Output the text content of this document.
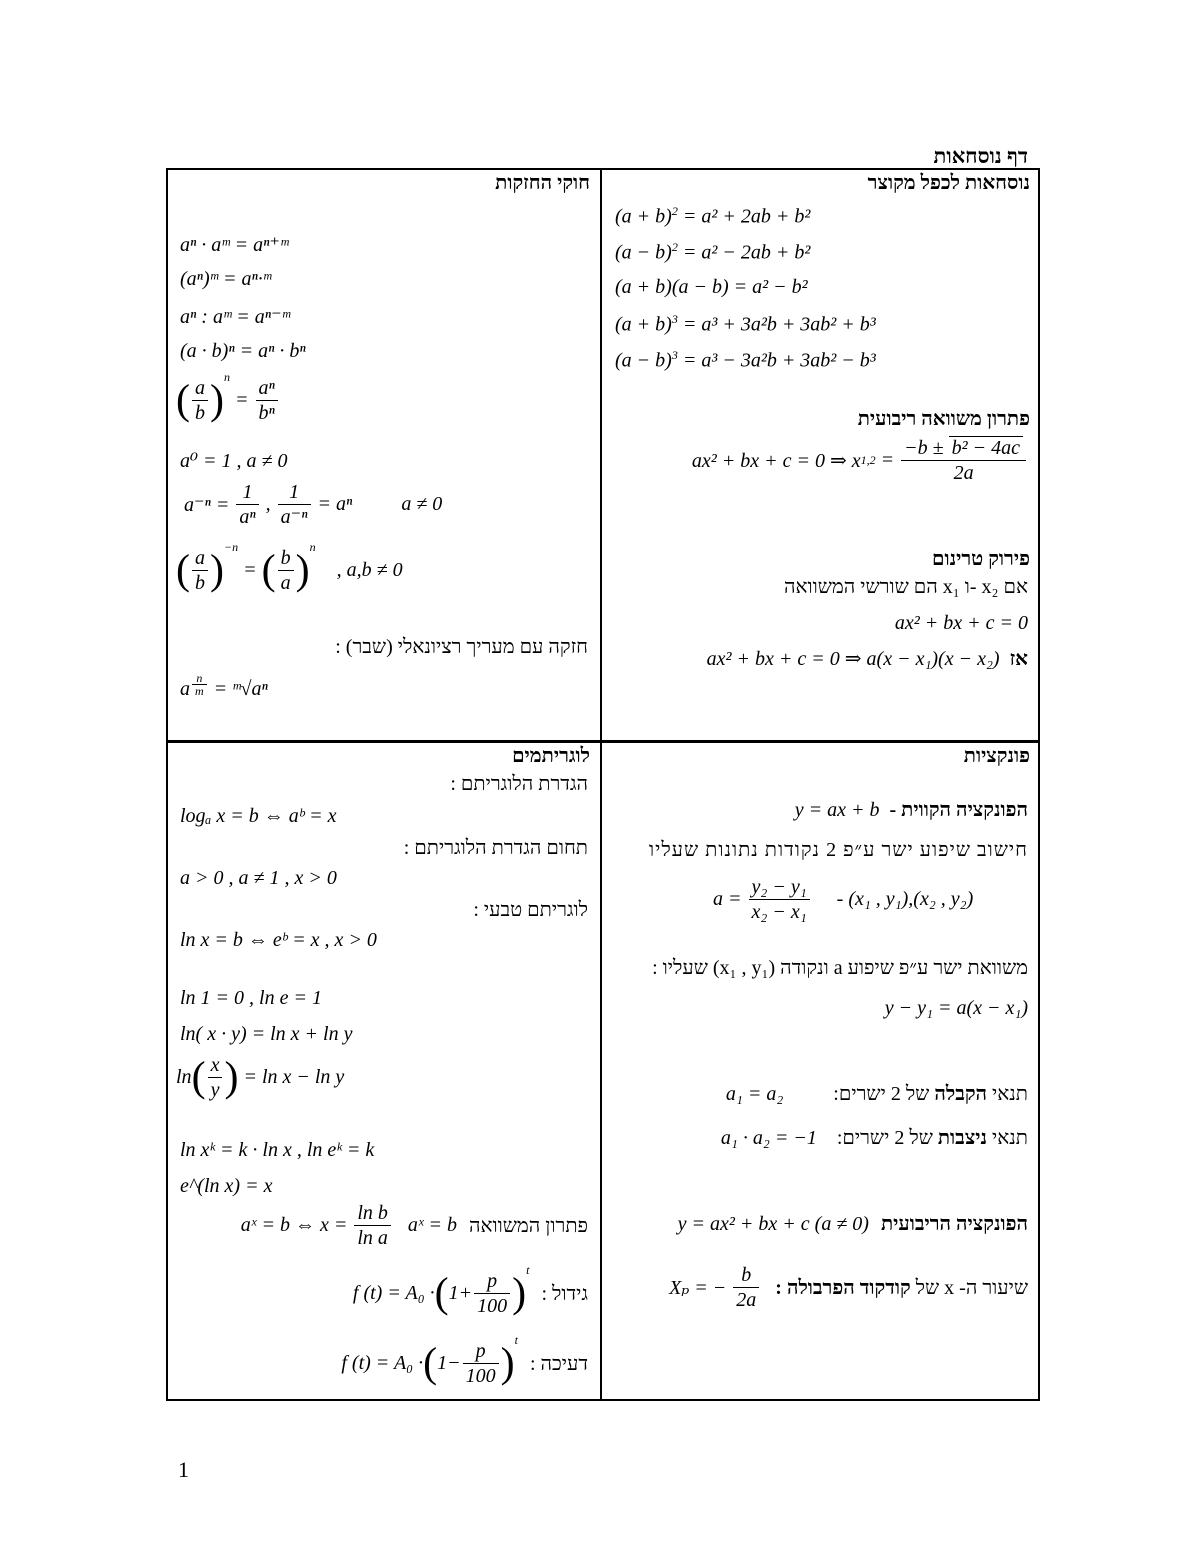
דף נוסחאות
נוסחאות לכפל מקוצר
$(a + b)^2 = a^2 + 2ab + b^2$
$(a - b)^2 = a^2 - 2ab + b^2$
(a + b)(a − b) = a² − b²
$(a + b)^3 = a^3 + 3a^2b + 3ab^2 + b^3$
$(a - b)^3 = a^3 - 3a^2b + 3ab^2 - b^3$
פתרון משוואה ריבועית
ax² + bx + c = 0 ⇒ $x1,2 = \frac{\text{−b ± b² − 4ac}}{2a}$
פירוק טרינום
אם x₂ -ו x₁ הם שורשי המשוואה
ax² + bx + c = 0
אז ax² + bx + c = 0 ⇒ a(x − x₁)(x − x₂)
חוקי החזקות
aⁿ · aᵐ = aⁿ⁺ᵐ
(aⁿ)ᵐ = aⁿ·ᵐ
aⁿ : aᵐ = aⁿ⁻ᵐ
(a · b)ⁿ = aⁿ · bⁿ
( $\frac{a}{b} )^n = \frac{\text{aⁿ}}{\text{bⁿ}}$
a⁰ = 1 , a ≠ 0
$a^{-n} = \frac{1}{\text{aⁿ}}$ , $\frac{1}{\text{a⁻ⁿ}} = a^n$ a ≠ 0
( $\frac{a}{b} )^{-n}$ = ( $\frac{b}{a} )^n$ , a,b ≠ 0
חזקה עם מעריך רציונאלי (שבר) :
a $^{\frac{n}{m}}$ = ᵐ√aⁿ
פונקציות
הפונקציה הקווית - y = ax + b
חישוב שיפוע ישר ע״פ 2 נקודות נתונות שעליו
$a = \frac{\text{y₂ − y₁}}{\text{x₂ − x₁}} - (x_1$ , y₁),(x₂ , y₂)
משוואת ישר ע״פ שיפוע a ונקודה (x₁ , y₁) שעליו :
y − y₁ = a(x − x₁)
תנאי הקבלה של 2 ישרים: a₁ = a₂
תנאי ניצבות של 2 ישרים: a₁ · a₂ = −1
הפונקציה הריבועית y = ax² + bx + c (a ≠ 0)
שיעור ה- x של קודקוד הפרבולה : Xₚ = − $\frac{b}{2a}$
לוגריתמים
הגדרת הלוגריתם :
logₐ x = b ⇔ aᵇ = x
תחום הגדרת הלוגריתם :
a > 0 , a ≠ 1 , x > 0
לוגריתם טבעי :
ln x = b ⇔ eᵇ = x , x > 0
ln 1 = 0 , ln e = 1
ln( x · y) = ln x + ln y
$\ln( \frac{x}{y}$ ) = ln x − ln y
ln xᵏ = k · ln x , ln eᵏ = k
e^(ln x) = x
פתרון המשוואה aˣ = b ⇔ $x = \frac{\text{ln b}}{\text{ln a}}$ aˣ = b
גידול : f $(t) = A_0 \cdot(1+ \frac{p}{100} )^t$
דעיכה : f $(t) = A_0 \cdot(1- \frac{p}{100} )^t$
1
